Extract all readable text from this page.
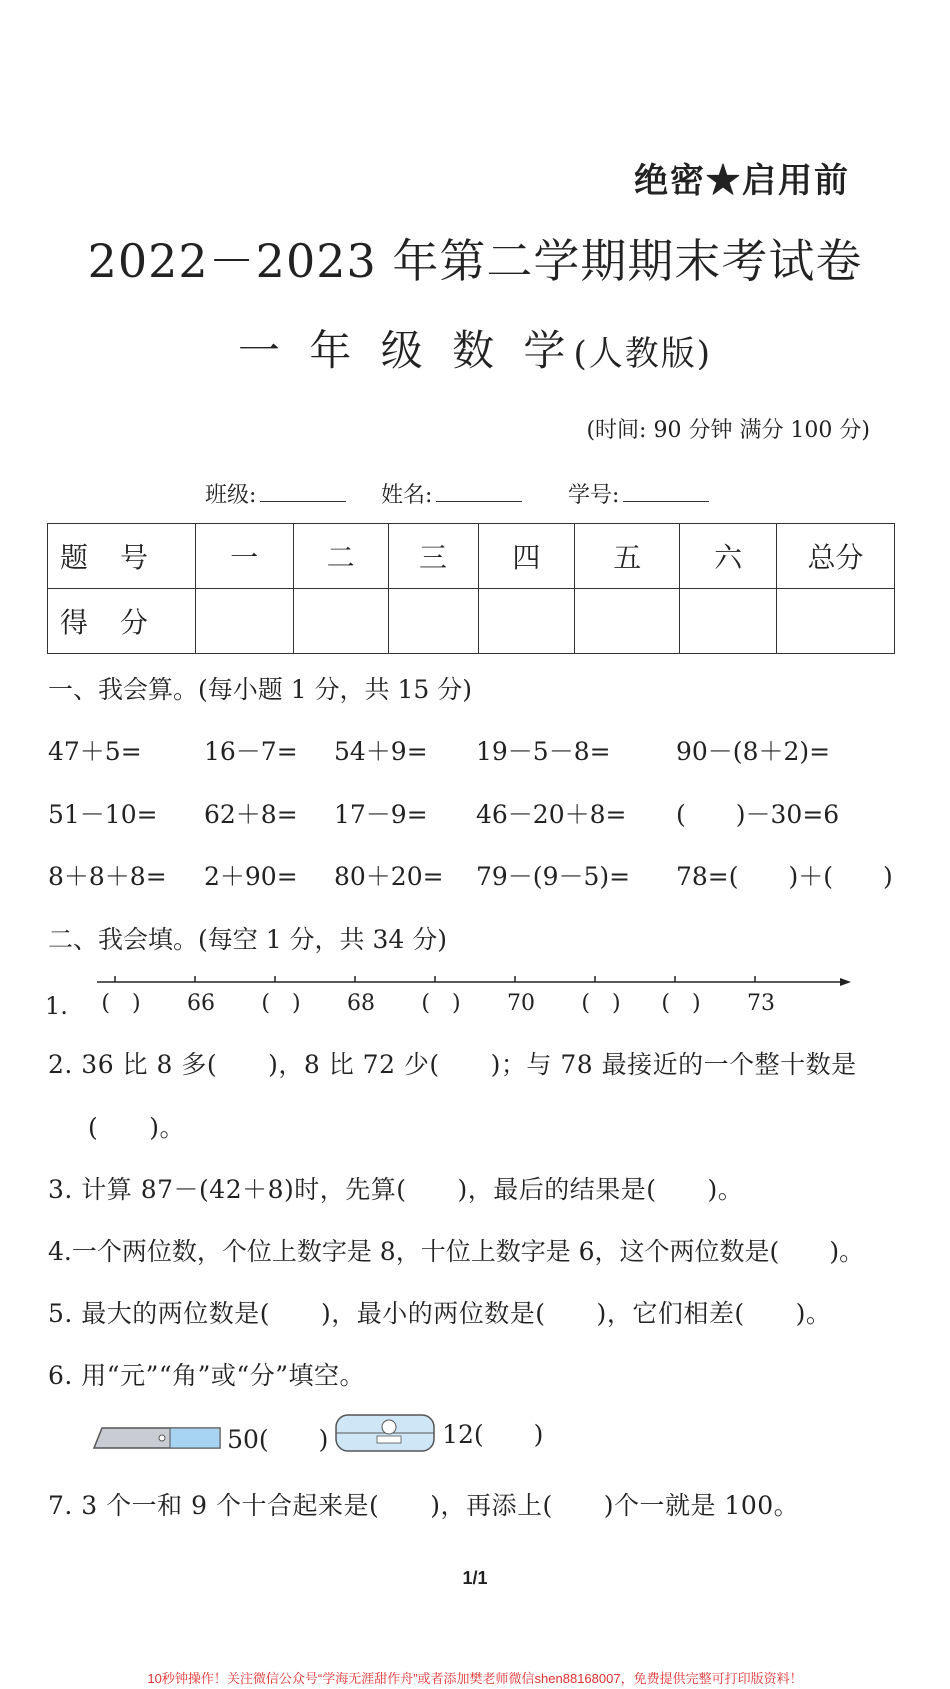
绝密★启用前
2022－2023 年第二学期期末考试卷
一 年 级 数 学(人教版)
(时间: 90 分钟 满分 100 分)
班级:	姓名:	学号:
题　号	一	二	三	四	五	六	总分
得　分							
一、我会算。(每小题 1 分，共 15 分)
47＋5= 16－7= 54＋9= 19－5－8=	90－(8＋2)=
51－10= 62＋8= 17－9= 46－20＋8= (　　)－30=6
8＋8＋8= 2＋90= 80＋20= 79－(9－5)= 78=(　　)＋(　　)
二、我会填。(每空 1 分，共 34 分)
1. (　) 66 (　) 68 (　) 70 (　) (　) 73
2. 36 比 8 多(　　)，8 比 72 少(　　)；与 78 最接近的一个整十数是
(　　)。
3. 计算 87－(42＋8)时，先算(　　)，最后的结果是(　　)。
4.一个两位数，个位上数字是 8，十位上数字是 6，这个两位数是(　　)。
5. 最大的两位数是(　　)，最小的两位数是(　　)，它们相差(　　)。
6. 用“元”“角”或“分”填空。
50(　　)	12(　　)
7. 3 个一和 9 个十合起来是(　　)，再添上(　　)个一就是 100。
1/1
10秒钟操作！关注微信公众号“学海无涯甜作舟”或者添加樊老师微信shen88168007，免费提供完整可打印版资料！
